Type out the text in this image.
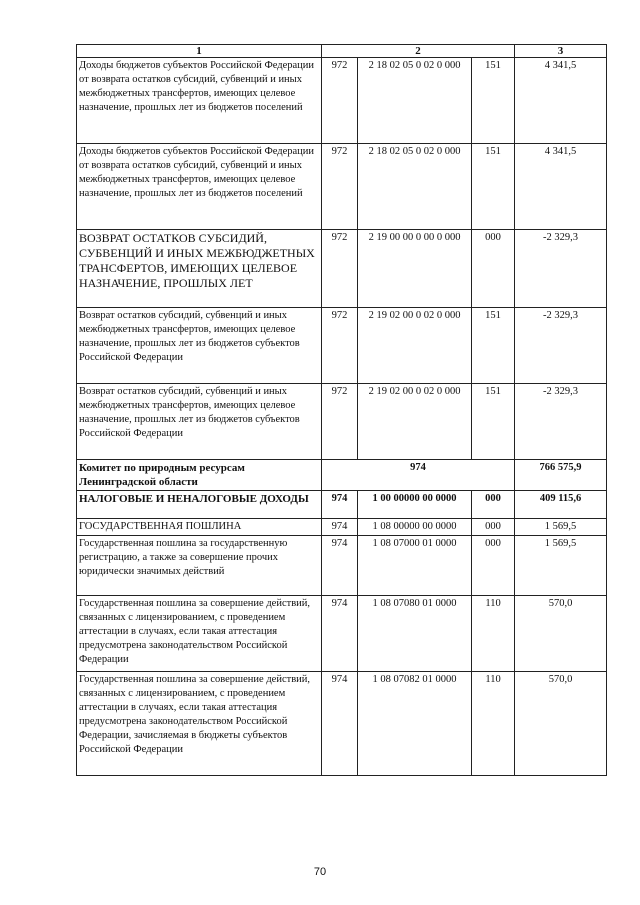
1	2			3
Доходы бюджетов субъектов Российской Федерации от возврата остатков субсидий, субвенций и иных межбюджетных трансфертов, имеющих целевое назначение, прошлых лет из бюджетов поселений	972	2 18 02 05 0 02 0 000	151	4 341,5
Доходы бюджетов субъектов Российской Федерации от возврата остатков субсидий, субвенций и иных межбюджетных трансфертов, имеющих целевое назначение, прошлых лет из бюджетов поселений	972	2 18 02 05 0 02 0 000	151	4 341,5
ВОЗВРАТ ОСТАТКОВ СУБСИДИЙ, СУБВЕНЦИЙ И ИНЫХ МЕЖБЮДЖЕТНЫХ ТРАНСФЕРТОВ, ИМЕЮЩИХ ЦЕЛЕВОЕ НАЗНАЧЕНИЕ, ПРОШЛЫХ ЛЕТ	972	2 19 00 00 0 00 0 000	000	-2 329,3
Возврат остатков субсидий, субвенций и иных межбюджетных трансфертов, имеющих целевое назначение, прошлых лет из бюджетов субъектов Российской Федерации	972	2 19 02 00 0 02 0 000	151	-2 329,3
Возврат остатков субсидий, субвенций и иных межбюджетных трансфертов, имеющих целевое назначение, прошлых лет из бюджетов субъектов Российской Федерации	972	2 19 02 00 0 02 0 000	151	-2 329,3
Комитет по природным ресурсам Ленинградской области	974			766 575,9
НАЛОГОВЫЕ И НЕНАЛОГОВЫЕ ДОХОДЫ	974	1 00 00000 00 0000	000	409 115,6
ГОСУДАРСТВЕННАЯ ПОШЛИНА	974	1 08 00000 00 0000	000	1 569,5
Государственная пошлина за государственную регистрацию, а также за совершение прочих юридически значимых действий	974	1 08 07000 01 0000	000	1 569,5
Государственная пошлина за совершение действий, связанных с лицензированием, с проведением аттестации в случаях, если такая аттестация предусмотрена законодательством Российской Федерации	974	1 08 07080 01 0000	110	570,0
Государственная пошлина за совершение действий, связанных с лицензированием, с проведением аттестации в случаях, если такая аттестация предусмотрена законодательством Российской Федерации, зачисляемая в бюджеты субъектов Российской Федерации	974	1 08 07082 01 0000	110	570,0
70
